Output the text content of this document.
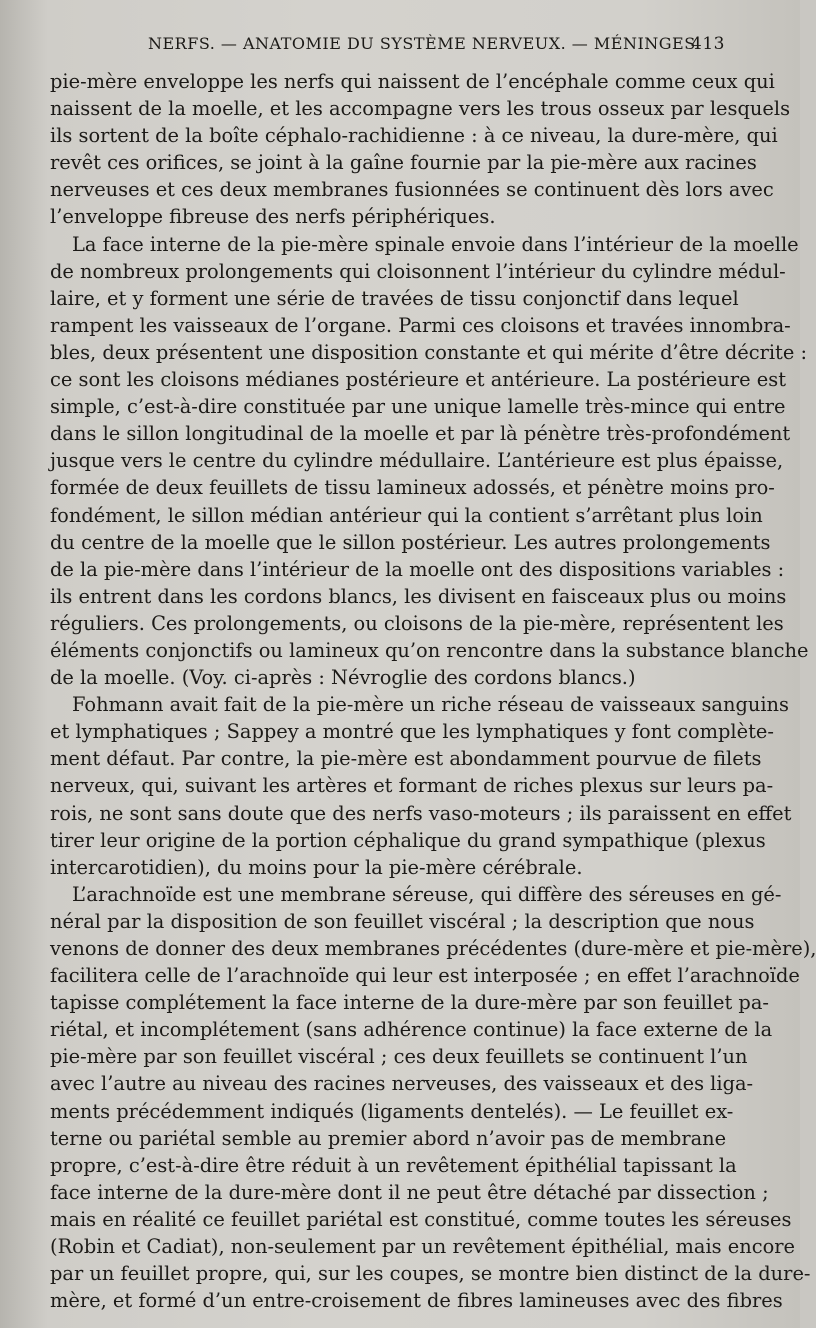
NERFS. — ANATOMIE DU SYSTÈME NERVEUX. — MÉNINGES.
413
pie-mère enveloppe les nerfs qui naissent de l’encéphale comme ceux qui
naissent de la moelle, et les accompagne vers les trous osseux par lesquels
ils sortent de la boîte céphalo-rachidienne : à ce niveau, la dure-mère, qui
revêt ces orifices, se joint à la gaîne fournie par la pie-mère aux racines
nerveuses et ces deux membranes fusionnées se continuent dès lors avec
l’enveloppe fibreuse des nerfs périphériques.
La face interne de la pie-mère spinale envoie dans l’intérieur de la moelle
de nombreux prolongements qui cloisonnent l’intérieur du cylindre médul-
laire, et y forment une série de travées de tissu conjonctif dans lequel
rampent les vaisseaux de l’organe. Parmi ces cloisons et travées innombra-
bles, deux présentent une disposition constante et qui mérite d’être décrite :
ce sont les cloisons médianes postérieure et antérieure. La postérieure est
simple, c’est-à-dire constituée par une unique lamelle très-mince qui entre
dans le sillon longitudinal de la moelle et par là pénètre très-profondément
jusque vers le centre du cylindre médullaire. L’antérieure est plus épaisse,
formée de deux feuillets de tissu lamineux adossés, et pénètre moins pro-
fondément, le sillon médian antérieur qui la contient s’arrêtant plus loin
du centre de la moelle que le sillon postérieur. Les autres prolongements
de la pie-mère dans l’intérieur de la moelle ont des dispositions variables :
ils entrent dans les cordons blancs, les divisent en faisceaux plus ou moins
réguliers. Ces prolongements, ou cloisons de la pie-mère, représentent les
éléments conjonctifs ou lamineux qu’on rencontre dans la substance blanche
de la moelle. (Voy. ci-après : Névroglie des cordons blancs.)
Fohmann avait fait de la pie-mère un riche réseau de vaisseaux sanguins
et lymphatiques ; Sappey a montré que les lymphatiques y font complète-
ment défaut. Par contre, la pie-mère est abondamment pourvue de filets
nerveux, qui, suivant les artères et formant de riches plexus sur leurs pa-
rois, ne sont sans doute que des nerfs vaso-moteurs ; ils paraissent en effet
tirer leur origine de la portion céphalique du grand sympathique (plexus
intercarotidien), du moins pour la pie-mère cérébrale.
L’arachnoïde est une membrane séreuse, qui diffère des séreuses en gé-
néral par la disposition de son feuillet viscéral ; la description que nous
venons de donner des deux membranes précédentes (dure-mère et pie-mère),
facilitera celle de l’arachnoïde qui leur est interposée ; en effet l’arachnoïde
tapisse complétement la face interne de la dure-mère par son feuillet pa-
riétal, et incomplétement (sans adhérence continue) la face externe de la
pie-mère par son feuillet viscéral ; ces deux feuillets se continuent l’un
avec l’autre au niveau des racines nerveuses, des vaisseaux et des liga-
ments précédemment indiqués (ligaments dentelés). — Le feuillet ex-
terne ou pariétal semble au premier abord n’avoir pas de membrane
propre, c’est-à-dire être réduit à un revêtement épithélial tapissant la
face interne de la dure-mère dont il ne peut être détaché par dissection ;
mais en réalité ce feuillet pariétal est constitué, comme toutes les séreuses
(Robin et Cadiat), non-seulement par un revêtement épithélial, mais encore
par un feuillet propre, qui, sur les coupes, se montre bien distinct de la dure-
mère, et formé d’un entre-croisement de fibres lamineuses avec des fibres
